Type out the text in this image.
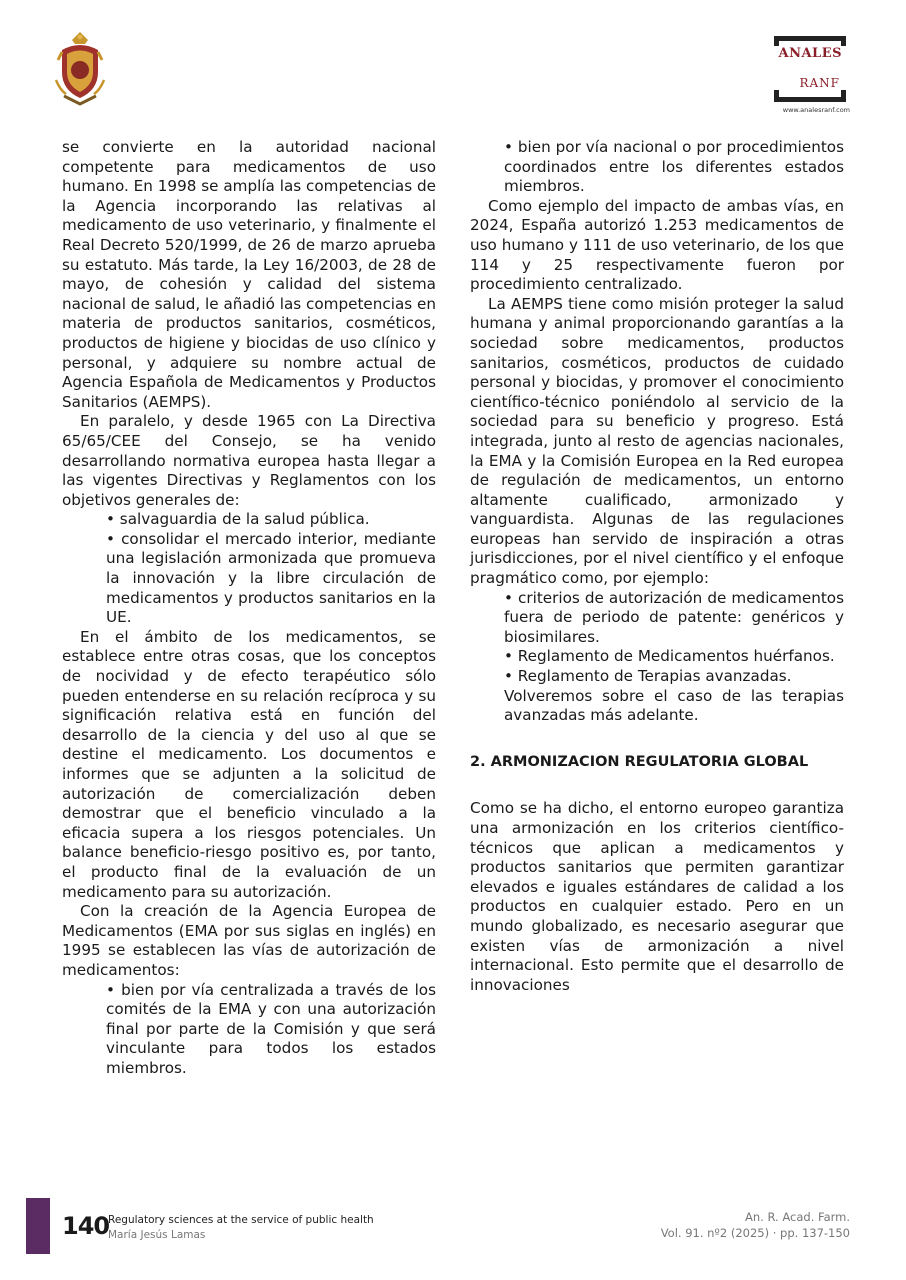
ANALES
RANF
www.analesranf.com

se convierte en la autoridad nacional competente para medicamentos de uso humano. En 1998 se amplía las competencias de la Agencia incorporando las relativas al medicamento de uso veterinario, y finalmente el Real Decreto 520/1999, de 26 de marzo aprueba su estatuto. Más tarde, la Ley 16/2003, de 28 de mayo, de cohesión y calidad del sistema nacional de salud, le añadió las competencias en materia de productos sanitarios, cosméticos, productos de higiene y biocidas de uso clínico y personal, y adquiere su nombre actual de Agencia Española de Medicamentos y Productos Sanitarios (AEMPS).

En paralelo, y desde 1965 con La Directiva 65/65/CEE del Consejo, se ha venido desarrollando normativa europea hasta llegar a las vigentes Directivas y Reglamentos con los objetivos generales de:

• salvaguardia de la salud pública.

• consolidar el mercado interior, mediante una legislación armonizada que promueva la innovación y la libre circulación de medicamentos y productos sanitarios en la UE.

En el ámbito de los medicamentos, se establece entre otras cosas, que los conceptos de nocividad y de efecto terapéutico sólo pueden entenderse en su relación recíproca y su significación relativa está en función del desarrollo de la ciencia y del uso al que se destine el medicamento. Los documentos e informes que se adjunten a la solicitud de autorización de comercialización deben demostrar que el beneficio vinculado a la eficacia supera a los riesgos potenciales. Un balance beneficio-riesgo positivo es, por tanto, el producto final de la evaluación de un medicamento para su autorización.

Con la creación de la Agencia Europea de Medicamentos (EMA por sus siglas en inglés) en 1995 se establecen las vías de autorización de medicamentos:

• bien por vía centralizada a través de los comités de la EMA y con una autorización final por parte de la Comisión y que será vinculante para todos los estados miembros.

• bien por vía nacional o por procedimientos coordinados entre los diferentes estados miembros.

Como ejemplo del impacto de ambas vías, en 2024, España autorizó 1.253 medicamentos de uso humano y 111 de uso veterinario, de los que 114 y 25 respectivamente fueron por procedimiento centralizado.

La AEMPS tiene como misión proteger la salud humana y animal proporcionando garantías a la sociedad sobre medicamentos, productos sanitarios, cosméticos, productos de cuidado personal y biocidas, y promover el conocimiento científico-técnico poniéndolo al servicio de la sociedad para su beneficio y progreso. Está integrada, junto al resto de agencias nacionales, la EMA y la Comisión Europea en la Red europea de regulación de medicamentos, un entorno altamente cualificado, armonizado y vanguardista. Algunas de las regulaciones europeas han servido de inspiración a otras jurisdicciones, por el nivel científico y el enfoque pragmático como, por ejemplo:

• criterios de autorización de medicamentos fuera de periodo de patente: genéricos y biosimilares.

• Reglamento de Medicamentos huérfanos.

• Reglamento de Terapias avanzadas.

Volveremos sobre el caso de las terapias avanzadas más adelante.

2. ARMONIZACION REGULATORIA GLOBAL

Como se ha dicho, el entorno europeo garantiza una armonización en los criterios científico-técnicos que aplican a medicamentos y productos sanitarios que permiten garantizar elevados e iguales estándares de calidad a los productos en cualquier estado. Pero en un mundo globalizado, es necesario asegurar que existen vías de armonización a nivel internacional. Esto permite que el desarrollo de innovaciones

140
Regulatory sciences at the service of public health
María Jesús Lamas
An. R. Acad. Farm.
Vol. 91. nº2 (2025) · pp. 137-150
